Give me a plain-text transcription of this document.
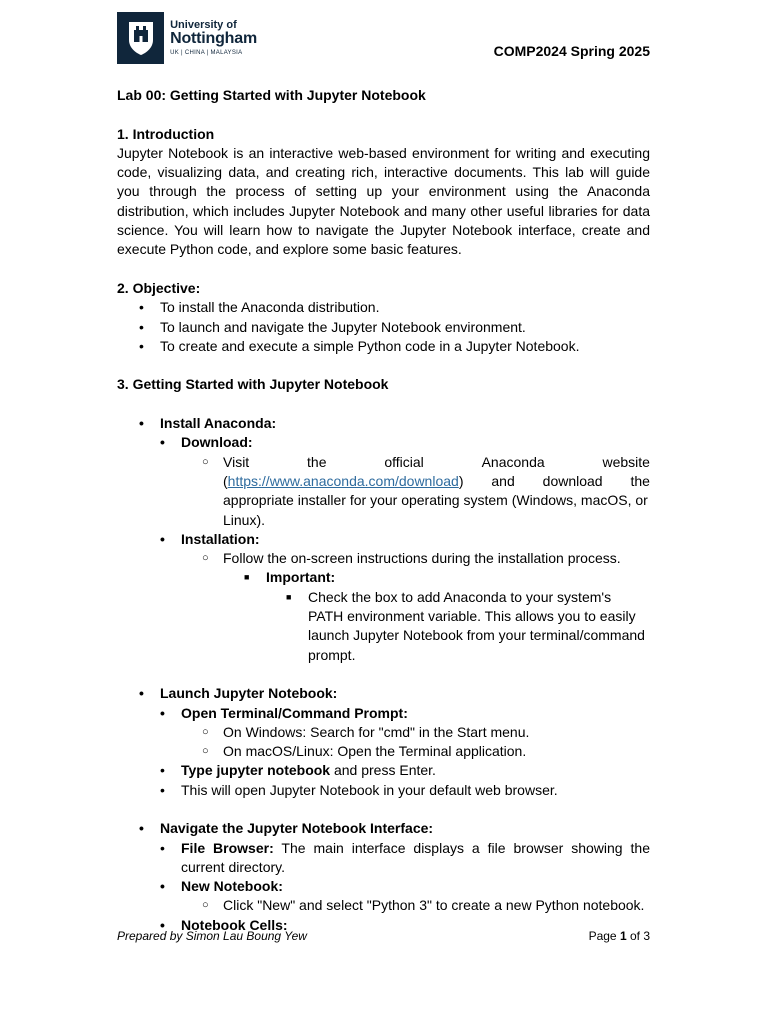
University of
Nottingham
UK | CHINA | MALAYSIA	COMP2024 Spring 2025

Lab 00: Getting Started with Jupyter Notebook

1. Introduction

Jupyter Notebook is an interactive web-based environment for writing and executing code, visualizing data, and creating rich, interactive documents. This lab will guide you through the process of setting up your environment using the Anaconda distribution, which includes Jupyter Notebook and many other useful libraries for data science. You will learn how to navigate the Jupyter Notebook interface, create and execute Python code, and explore some basic features.

2. Objective:

• To install the Anaconda distribution.
• To launch and navigate the Jupyter Notebook environment.
• To create and execute a simple Python code in a Jupyter Notebook.

3. Getting Started with Jupyter Notebook

• Install Anaconda:
• Download:
○ Visit	the	official	Anaconda	website
(https://www.anaconda.com/download) and download the
appropriate installer for your operating system (Windows, macOS, or Linux).
• Installation:
○ Follow the on-screen instructions during the installation process.
■ Important:
■ Check the box to add Anaconda to your system's PATH environment variable. This allows you to easily launch Jupyter Notebook from your terminal/command prompt.
• Launch Jupyter Notebook:
• Open Terminal/Command Prompt:
○ On Windows: Search for "cmd" in the Start menu.
○ On macOS/Linux: Open the Terminal application.
• Type jupyter notebook and press Enter.
• This will open Jupyter Notebook in your default web browser.
• Navigate the Jupyter Notebook Interface:
• File Browser: The main interface displays a file browser showing the current directory.
• New Notebook:
○ Click "New" and select "Python 3" to create a new Python notebook.
• Notebook Cells:
Prepared by Simon Lau Boung Yew	Page 1 of 3
